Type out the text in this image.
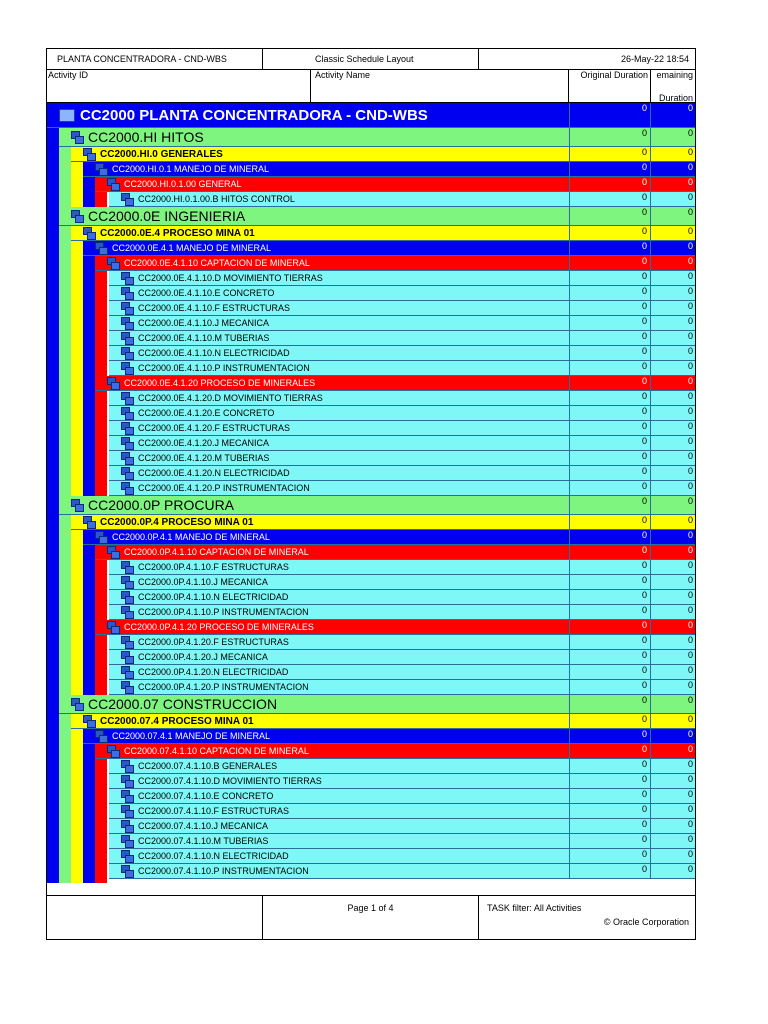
PLANTA CONCENTRADORA - CND-WBS	Classic Schedule Layout	26-May-22 18:54
Activity ID	Activity Name	Original Duration emaining
Duration
CC2000 PLANTA CONCENTRADORA - CND-WBS	0	0
CC2000.HI HITOS	0	0
CC2000.HI.0 GENERALES	0	0
CC2000.HI.0.1 MANEJO DE MINERAL	0	0
CC2000.HI.0.1.00 GENERAL	0	0
CC2000.HI.0.1.00.B HITOS CONTROL	0	0
CC2000.0E INGENIERIA	0	0
CC2000.0E.4 PROCESO MINA 01	0	0
CC2000.0E.4.1 MANEJO DE MINERAL	0	0
CC2000.0E.4.1.10 CAPTACION DE MINERAL	0	0
CC2000.0E.4.1.10.D MOVIMIENTO TIERRAS	0	0
CC2000.0E.4.1.10.E CONCRETO	0	0
CC2000.0E.4.1.10.F ESTRUCTURAS	0	0
CC2000.0E.4.1.10.J MECANICA	0	0
CC2000.0E.4.1.10.M TUBERIAS	0	0
CC2000.0E.4.1.10.N ELECTRICIDAD	0	0
CC2000.0E.4.1.10.P INSTRUMENTACION	0	0
CC2000.0E.4.1.20 PROCESO DE MINERALES	0	0
CC2000.0E.4.1.20.D MOVIMIENTO TIERRAS	0	0
CC2000.0E.4.1.20.E CONCRETO	0	0
CC2000.0E.4.1.20.F ESTRUCTURAS	0	0
CC2000.0E.4.1.20.J MECANICA	0	0
CC2000.0E.4.1.20.M TUBERIAS	0	0
CC2000.0E.4.1.20.N ELECTRICIDAD	0	0
CC2000.0E.4.1.20.P INSTRUMENTACION	0	0
CC2000.0P PROCURA	0	0
CC2000.0P.4 PROCESO MINA 01	0	0
CC2000.0P.4.1 MANEJO DE MINERAL	0	0
CC2000.0P.4.1.10 CAPTACION DE MINERAL	0	0
CC2000.0P.4.1.10.F ESTRUCTURAS	0	0
CC2000.0P.4.1.10.J MECANICA	0	0
CC2000.0P.4.1.10.N ELECTRICIDAD	0	0
CC2000.0P.4.1.10.P INSTRUMENTACION	0	0
CC2000.0P.4.1.20 PROCESO DE MINERALES	0	0
CC2000.0P.4.1.20.F ESTRUCTURAS	0	0
CC2000.0P.4.1.20.J MECANICA	0	0
CC2000.0P.4.1.20.N ELECTRICIDAD	0	0
CC2000.0P.4.1.20.P INSTRUMENTACION	0	0
CC2000.07 CONSTRUCCION	0	0
CC2000.07.4 PROCESO MINA 01	0	0
CC2000.07.4.1 MANEJO DE MINERAL	0	0
CC2000.07.4.1.10 CAPTACION DE MINERAL	0	0
CC2000.07.4.1.10.B GENERALES	0	0
CC2000.07.4.1.10.D MOVIMIENTO TIERRAS	0	0
CC2000.07.4.1.10.E CONCRETO	0	0
CC2000.07.4.1.10.F ESTRUCTURAS	0	0
CC2000.07.4.1.10.J MECANICA	0	0
CC2000.07.4.1.10.M TUBERIAS	0	0
CC2000.07.4.1.10.N ELECTRICIDAD	0	0
CC2000.07.4.1.10.P INSTRUMENTACION	0	0
Page 1 of 4	TASK filter: All Activities
© Oracle Corporation
